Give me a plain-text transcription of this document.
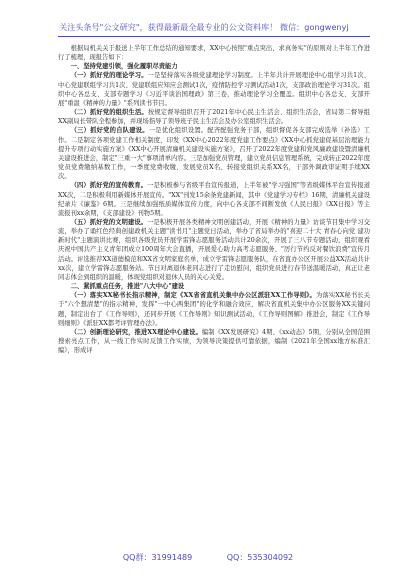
关注头条号"公文研究"，获得最新最全最专业的公文资料库！ 微信：gongwenyj

根据局机关关于报送上半年工作总结的通知要求，XX中心按照"重点突出、求真务实"的原则对上半年工作进行了梳理，现报告如下：

一、坚持党建引领，强化履职尽责能力

（一）抓好党的理论学习。一是坚持落实各级党建理论学习制度。上半年共计开展理论中心组学习共1次、中心党建联组学习共1次、党建联组应知应会测试1次，疫情防控学习测试活动1次，支部政治理论学习31次。组织中心各总支、支部专题学习《习近平谈治国理政》第三卷，推动理论学习全覆盖。组织中心各总支、支部开展"重温《精神的力量》"系列读书节目。

（二）抓好党的组织生活。按规定督导组织召开了2021年中心民主生活会、组织生活会，省局第二督导组XX副局长带队全程参加，并现场指导了领导班子民主生活会及办公室组织生活会。

（三）抓好党的自队建设。一是优化组织设置。配齐配强党务干部，组织督促各支部完成选举（补选）工作。二是制定各项党建工作相关制度，印发《XX中心2022年度党建工作要点》《XX中心抓党建促基层治理能力提升专项行动实施方案》《XX中心开展清廉机关建设实施方案》，召开了2022年度党建和党风廉政建设暨清廉机关建设推进会，制定"三重一大"事项清单内容。三是加强党员管理，建立党员信息管理系统，完成转正2022年度党员党费缴纳基数工作，一季度党费收缴、发展党员X名、转接党组织关系XX名，干部外调政审证明手续XX次。

（四）抓好党的宣传教育。一是积极参与省级平台宣传报道，上半年被"学习强国"等省级媒体平台宣传报道XX次，二是积极利用新媒体开展宣传。"XX"刊发15余条党建新闻，其中《党建学习专栏》16期，清廉机关建设纪录片《廉鉴》6期。三是继续加强纸质媒体宣传力度，向中心各支部不间断发放《人民日报》《XX日报》等主流报刊xx余期，《支部建设》刊物5期。

（五）抓好党的文明建设。一是积极开展各类精神文明创建活动，开展《精神的力量》访谈节目集中学习交流，举办了诵红色经典创建政机关主题"读书月"主题党日活动，举办了省局举办的"喜迎二十大 青春心向党 建功新时代"主题演讲比赛，组织各级党员开展学雷锋志愿服务活动共计20余次，开展了三八节专题活动，组织观看庆祝中国共产主义青年团成立100周年大会直播，开展爱心助力高考志愿服务、"厉行节约反对餐饮浪费"宣传月活动。评选推荐XX道德模范和XX省文明家庭名单，成立学雷锋志愿服务队，在省直办公区开展公益XX活动共计xx次，建立学雷锋志愿服务站。节日对离退休老同志进行了走访慰问，组织党员进行春节送温暖活动，真正让老同志体会到组织的温暖，体现党组织对退休人员的关心关爱。

二、紧抓重点任务，推进"八大中心"建设

（一）落实XX秘书长指示精神，制定《XX省省直机关集中办公区派驻XX工作导则》。为落实XX秘书长关于"六个想清楚"的指示精神，发挥"一中心两集团"的化学和融合效应，解决省直机关集中办公区服务XX关键问题，制定出台了《工作导则》，还同步开展《工作导则》知识测试活动，《工作导则图解》推进会，制定《工作导则细则》《派驻XX都考评管理办法》。

（二）创新理论研究，推进XX理论中心建设。编制《XX发展研究》4期、《xx动态》5期，分别从全国范围搜索亮点工作，从一线工作实时反馈工作实绩，为领导决策提供可靠依据，编制《2021年全国xx地方标准汇编》，形成评

QQ群：31991489	QQ：535304092
